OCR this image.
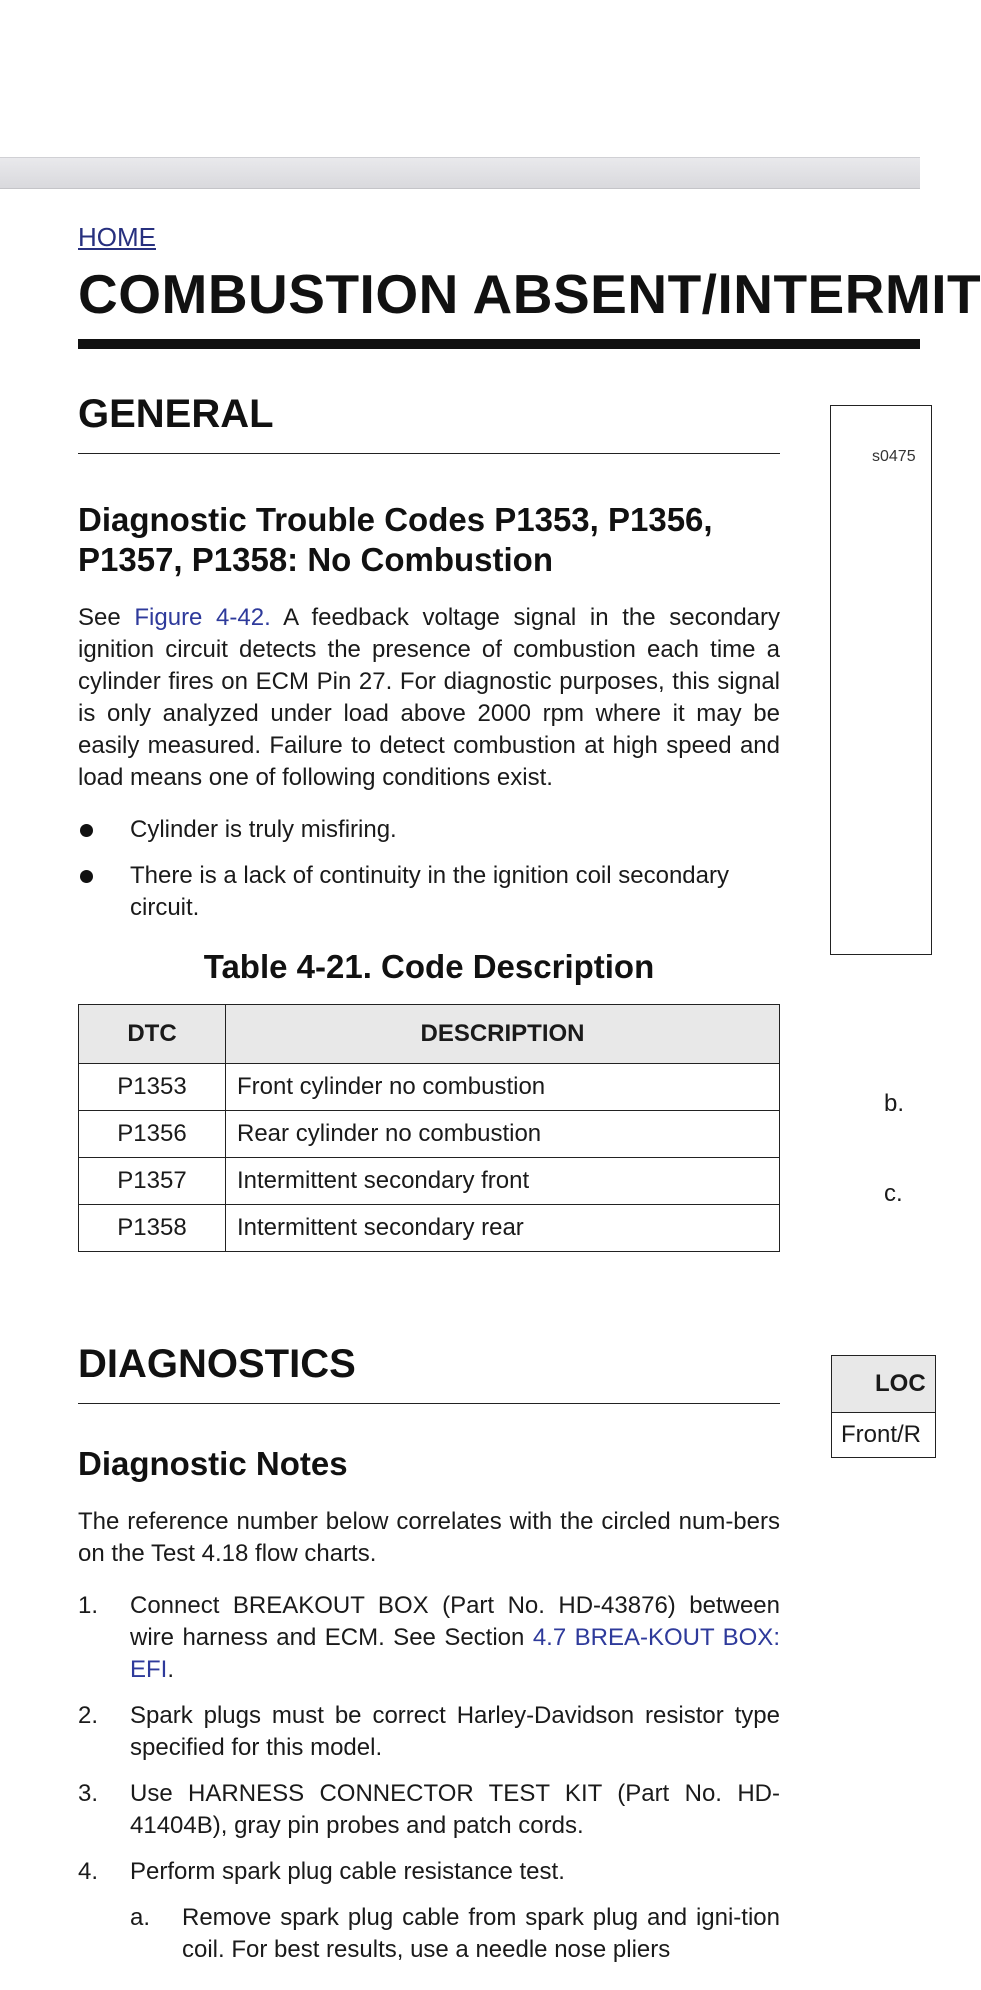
HOME
COMBUSTION ABSENT/INTERMIT
GENERAL
Diagnostic Trouble Codes P1353, P1356,
P1357, P1358: No Combustion

See Figure 4-42. A feedback voltage signal in the secondary ignition circuit detects the presence of combustion each time a cylinder fires on ECM Pin 27. For diagnostic purposes, this signal is only analyzed under load above 2000 rpm where it may be easily measured. Failure to detect combustion at high speed and load means one of following conditions exist.

Cylinder is truly misfiring.
There is a lack of continuity in the ignition coil secondary circuit.

Table 4-21. Code Description

DTC	DESCRIPTION
P1353	Front cylinder no combustion
P1356	Rear cylinder no combustion
P1357	Intermittent secondary front
P1358	Intermittent secondary rear
DIAGNOSTICS
Diagnostic Notes

The reference number below correlates with the circled num-bers on the Test 4.18 flow charts.

1. Connect BREAKOUT BOX (Part No. HD-43876) between wire harness and ECM. See Section 4.7 BREA-KOUT BOX: EFI.
2. Spark plugs must be correct Harley-Davidson resistor type specified for this model.
3. Use HARNESS CONNECTOR TEST KIT (Part No. HD-41404B), gray pin probes and patch cords.
4. Perform spark plug cable resistance test.
a. Remove spark plug cable from spark plug and igni-tion coil. For best results, use a needle nose pliers
s0475
b.
c.
LOC
Front/R
